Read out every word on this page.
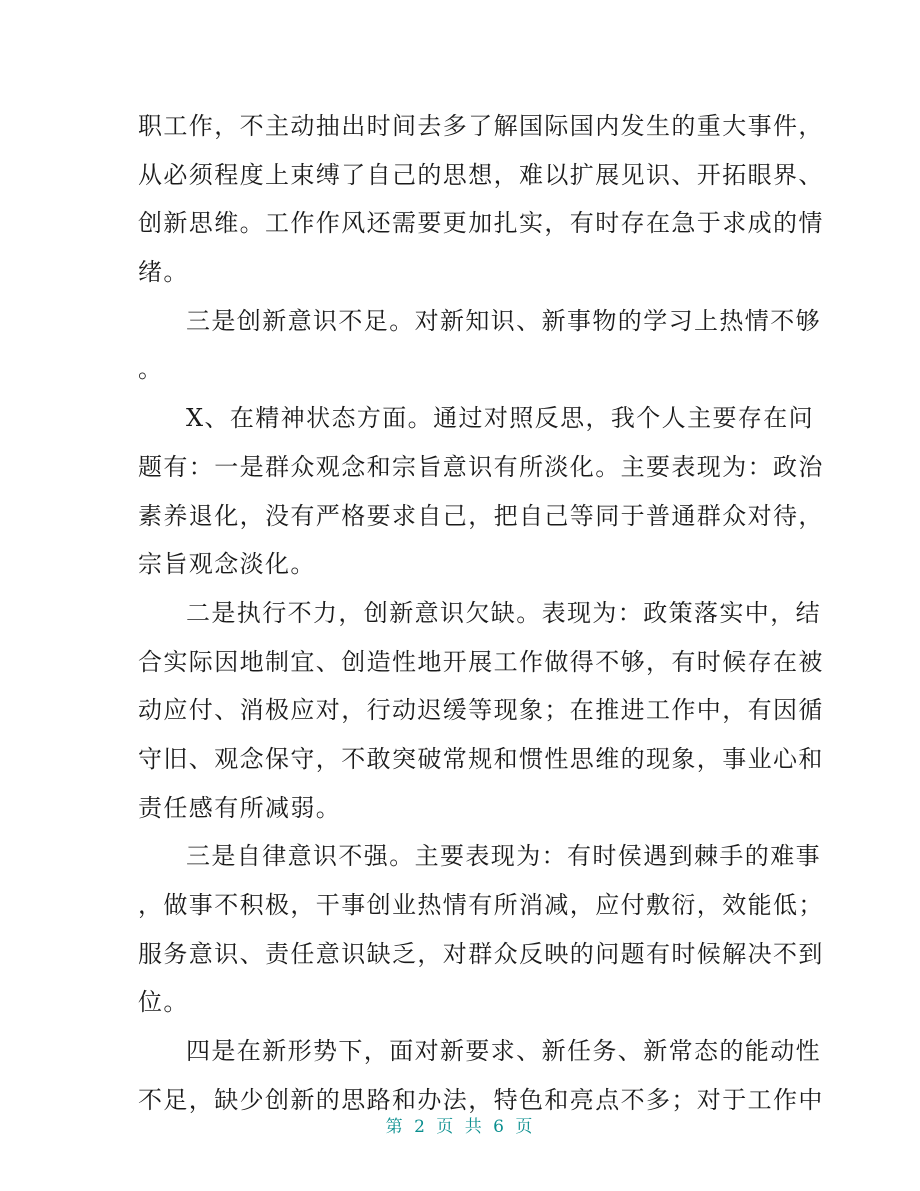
职工作，不主动抽出时间去多了解国际国内发生的重大事件，
从必须程度上束缚了自己的思想，难以扩展见识、开拓眼界、
创新思维。工作作风还需要更加扎实，有时存在急于求成的情
绪。
三是创新意识不足。对新知识、新事物的学习上热情不够
。
X、在精神状态方面。通过对照反思，我个人主要存在问
题有：一是群众观念和宗旨意识有所淡化。主要表现为：政治
素养退化，没有严格要求自己，把自己等同于普通群众对待，
宗旨观念淡化。
二是执行不力，创新意识欠缺。表现为：政策落实中，结
合实际因地制宜、创造性地开展工作做得不够，有时候存在被
动应付、消极应对，行动迟缓等现象；在推进工作中，有因循
守旧、观念保守，不敢突破常规和惯性思维的现象，事业心和
责任感有所减弱。
三是自律意识不强。主要表现为：有时侯遇到棘手的难事
，做事不积极，干事创业热情有所消减，应付敷衍，效能低；
服务意识、责任意识缺乏，对群众反映的问题有时候解决不到
位。
四是在新形势下，面对新要求、新任务、新常态的能动性
不足，缺少创新的思路和办法，特色和亮点不多；对于工作中
第 2 页 共 6 页
